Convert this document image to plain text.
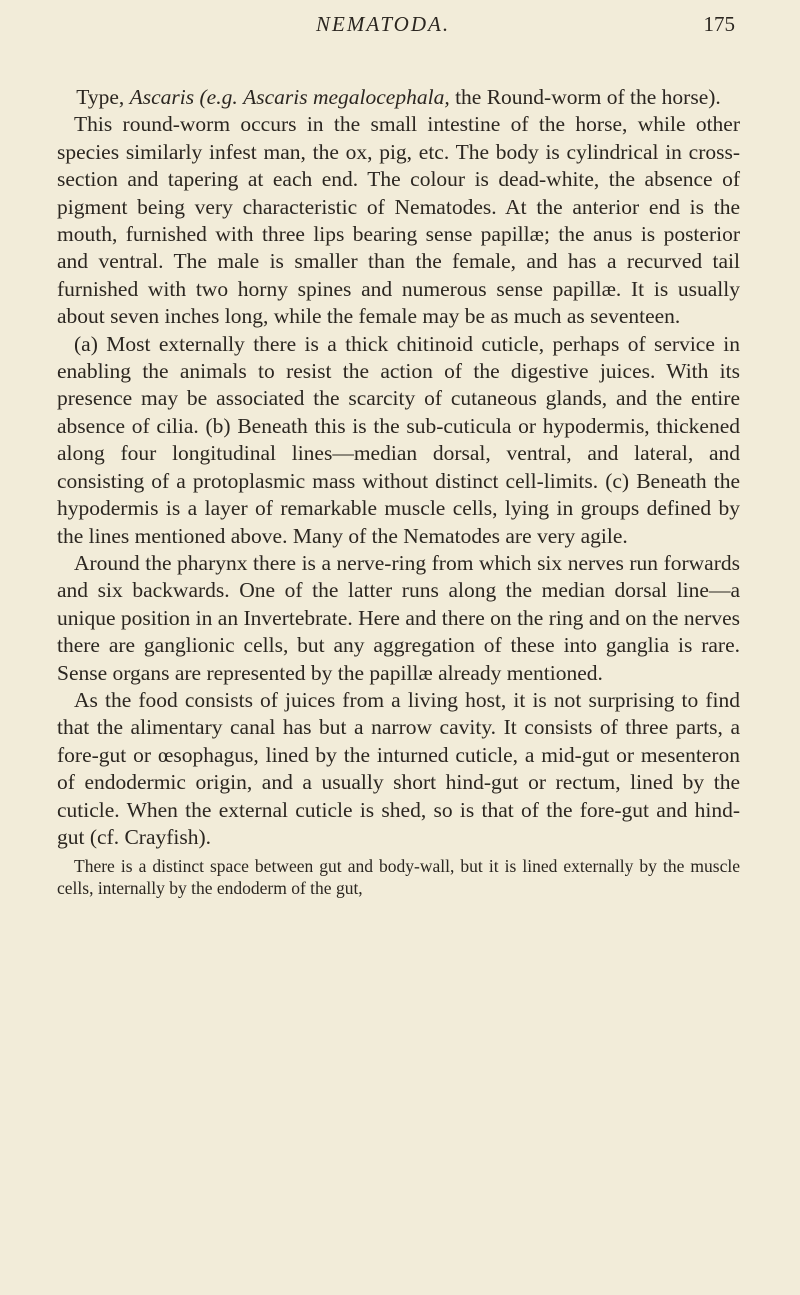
NEMATODA.	175

Type, Ascaris (e.g. Ascaris megalocephala, the Round-worm of the horse).

This round-worm occurs in the small intestine of the horse, while other species similarly infest man, the ox, pig, etc. The body is cylindrical in cross-section and tapering at each end. The colour is dead-white, the absence of pigment being very characteristic of Nematodes. At the anterior end is the mouth, furnished with three lips bearing sense papillæ; the anus is posterior and ventral. The male is smaller than the female, and has a recurved tail furnished with two horny spines and numerous sense papillæ. It is usually about seven inches long, while the female may be as much as seventeen.

(a) Most externally there is a thick chitinoid cuticle, perhaps of service in enabling the animals to resist the action of the digestive juices. With its presence may be associated the scarcity of cutaneous glands, and the entire absence of cilia. (b) Beneath this is the sub-cuticula or hypodermis, thickened along four longitudinal lines—median dorsal, ventral, and lateral, and consisting of a protoplasmic mass without distinct cell-limits. (c) Beneath the hypodermis is a layer of remarkable muscle cells, lying in groups defined by the lines mentioned above. Many of the Nematodes are very agile.

Around the pharynx there is a nerve-ring from which six nerves run forwards and six backwards. One of the latter runs along the median dorsal line—a unique position in an Invertebrate. Here and there on the ring and on the nerves there are ganglionic cells, but any aggregation of these into ganglia is rare. Sense organs are represented by the papillæ already mentioned.

As the food consists of juices from a living host, it is not surprising to find that the alimentary canal has but a narrow cavity. It consists of three parts, a fore-gut or œsophagus, lined by the inturned cuticle, a mid-gut or mesenteron of endodermic origin, and a usually short hind-gut or rectum, lined by the cuticle. When the external cuticle is shed, so is that of the fore-gut and hind-gut (cf. Crayfish).

There is a distinct space between gut and body-wall, but it is lined externally by the muscle cells, internally by the endoderm of the gut,
